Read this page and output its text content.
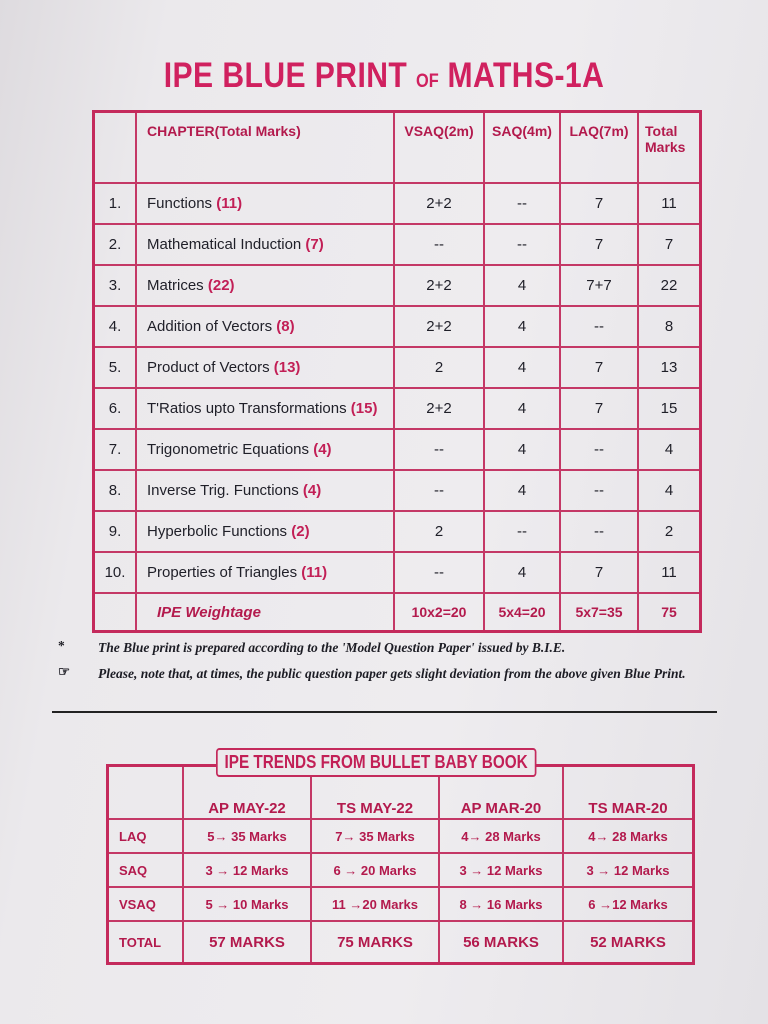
IPE BLUE PRINT OF MATHS-1A
	CHAPTER(Total Marks)	VSAQ(2m)	SAQ(4m)	LAQ(7m)	Total Marks
1.	Functions (11)	2+2	--	7	11
2.	Mathematical Induction (7)	--	--	7	7
3.	Matrices (22)	2+2	4	7+7	22
4.	Addition of Vectors (8)	2+2	4	--	8
5.	Product of Vectors (13)	2	4	7	13
6.	T'Ratios upto Transformations (15)	2+2	4	7	15
7.	Trigonometric Equations (4)	--	4	--	4
8.	Inverse Trig. Functions (4)	--	4	--	4
9.	Hyperbolic Functions (2)	2	--	--	2
10.	Properties of Triangles (11)	--	4	7	11
	IPE Weightage	10x2=20	5x4=20	5x7=35	75
*	The Blue print is prepared according to the 'Model Question Paper' issued by B.I.E.
☞	Please, note that, at times, the public question paper gets slight deviation from the above given Blue Print.
IPE TRENDS FROM BULLET BABY BOOK
	AP MAY-22	TS MAY-22	AP MAR-20	TS MAR-20
LAQ	5→ 35 Marks	7→ 35 Marks	4→ 28 Marks	4→ 28 Marks
SAQ	3 → 12 Marks	6 → 20 Marks	3 → 12 Marks	3 → 12 Marks
VSAQ	5 → 10 Marks	11 →20 Marks	8 → 16 Marks	6 →12 Marks
TOTAL	57 MARKS	75 MARKS	56 MARKS	52 MARKS
